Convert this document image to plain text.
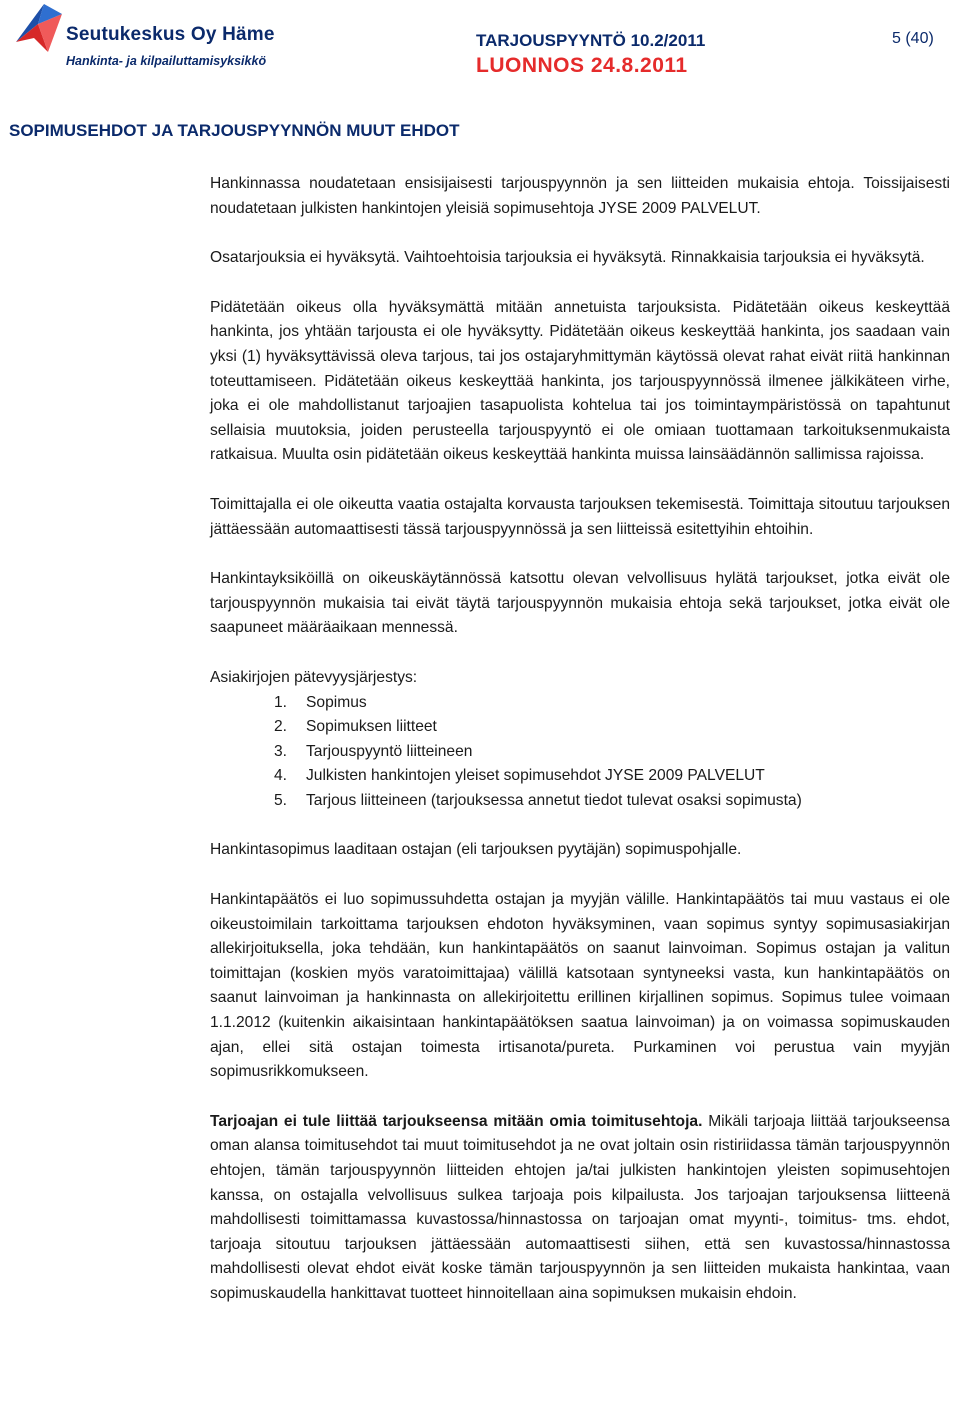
Seutukeskus Oy Häme
Hankinta- ja kilpailuttamisyksikkö
TARJOUSPYYNTÖ 10.2/2011
LUONNOS 24.8.2011
5 (40)
SOPIMUSEHDOT JA TARJOUSPYYNNÖN MUUT EHDOT

Hankinnassa noudatetaan ensisijaisesti tarjouspyynnön ja sen liitteiden mukaisia ehtoja. Toissijaisesti noudatetaan julkisten hankintojen yleisiä sopimusehtoja JYSE 2009 PALVELUT.

Osatarjouksia ei hyväksytä. Vaihtoehtoisia tarjouksia ei hyväksytä. Rinnakkaisia tarjouksia ei hyväksytä.

Pidätetään oikeus olla hyväksymättä mitään annetuista tarjouksista. Pidätetään oikeus keskeyttää hankinta, jos yhtään tarjousta ei ole hyväksytty. Pidätetään oikeus keskeyttää hankinta, jos saadaan vain yksi (1) hyväksyttävissä oleva tarjous, tai jos ostajaryhmittymän käytössä olevat rahat eivät riitä hankinnan toteuttamiseen. Pidätetään oikeus keskeyttää hankinta, jos tarjouspyynnössä ilmenee jälkikäteen virhe, joka ei ole mahdollistanut tarjoajien tasapuolista kohtelua tai jos toimintaympäristössä on tapahtunut sellaisia muutoksia, joiden perusteella tarjouspyyntö ei ole omiaan tuottamaan tarkoituksenmukaista ratkaisua. Muulta osin pidätetään oikeus keskeyttää hankinta muissa lainsäädännön sallimissa rajoissa.

Toimittajalla ei ole oikeutta vaatia ostajalta korvausta tarjouksen tekemisestä. Toimittaja sitoutuu tarjouksen jättäessään automaattisesti tässä tarjouspyynnössä ja sen liitteissä esitettyihin ehtoihin.

Hankintayksiköillä on oikeuskäytännössä katsottu olevan velvollisuus hylätä tarjoukset, jotka eivät ole tarjouspyynnön mukaisia tai eivät täytä tarjouspyynnön mukaisia ehtoja sekä tarjoukset, jotka eivät ole saapuneet määräaikaan mennessä.

Asiakirjojen pätevyysjärjestys:
1. Sopimus
2. Sopimuksen liitteet
3. Tarjouspyyntö liitteineen
4. Julkisten hankintojen yleiset sopimusehdot JYSE 2009 PALVELUT
5. Tarjous liitteineen (tarjouksessa annetut tiedot tulevat osaksi sopimusta)

Hankintasopimus laaditaan ostajan (eli tarjouksen pyytäjän) sopimuspohjalle.

Hankintapäätös ei luo sopimussuhdetta ostajan ja myyjän välille. Hankintapäätös tai muu vastaus ei ole oikeustoimilain tarkoittama tarjouksen ehdoton hyväksyminen, vaan sopimus syntyy sopimusasiakirjan allekirjoituksella, joka tehdään, kun hankintapäätös on saanut lainvoiman. Sopimus ostajan ja valitun toimittajan (koskien myös varatoimittajaa) välillä katsotaan syntyneeksi vasta, kun hankintapäätös on saanut lainvoiman ja hankinnasta on allekirjoitettu erillinen kirjallinen sopimus. Sopimus tulee voimaan 1.1.2012 (kuitenkin aikaisintaan hankintapäätöksen saatua lainvoiman) ja on voimassa sopimuskauden ajan, ellei sitä ostajan toimesta irtisanota/pureta. Purkaminen voi perustua vain myyjän sopimusrikkomukseen.

Tarjoajan ei tule liittää tarjoukseensa mitään omia toimitusehtoja. Mikäli tarjoaja liittää tarjoukseensa oman alansa toimitusehdot tai muut toimitusehdot ja ne ovat joltain osin ristiriidassa tämän tarjouspyynnön ehtojen, tämän tarjouspyynnön liitteiden ehtojen ja/tai julkisten hankintojen yleisten sopimusehtojen kanssa, on ostajalla velvollisuus sulkea tarjoaja pois kilpailusta. Jos tarjoajan tarjouksensa liitteenä mahdollisesti toimittamassa kuvastossa/hinnastossa on tarjoajan omat myynti-, toimitus- tms. ehdot, tarjoaja sitoutuu tarjouksen jättäessään automaattisesti siihen, että sen kuvastossa/hinnastossa mahdollisesti olevat ehdot eivät koske tämän tarjouspyynnön ja sen liitteiden mukaista hankintaa, vaan sopimuskaudella hankittavat tuotteet hinnoitellaan aina sopimuksen mukaisin ehdoin.
